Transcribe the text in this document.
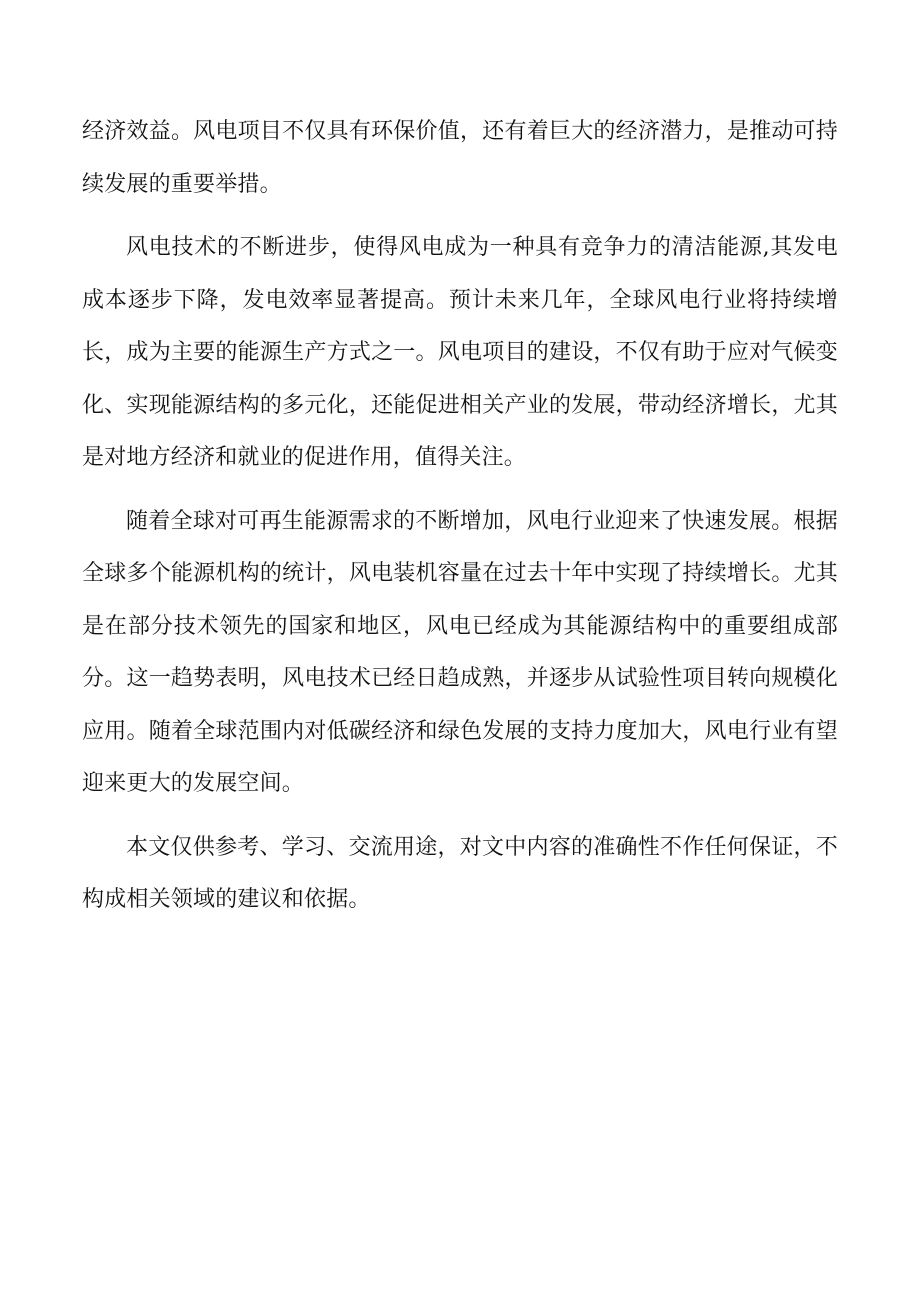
经济效益。风电项目不仅具有环保价值，还有着巨大的经济潜力，是推动可持续发展的重要举措。

风电技术的不断进步，使得风电成为一种具有竞争力的清洁能源,其发电成本逐步下降，发电效率显著提高。预计未来几年，全球风电行业将持续增长，成为主要的能源生产方式之一。风电项目的建设，不仅有助于应对气候变化、实现能源结构的多元化，还能促进相关产业的发展，带动经济增长，尤其是对地方经济和就业的促进作用，值得关注。

随着全球对可再生能源需求的不断增加，风电行业迎来了快速发展。根据全球多个能源机构的统计，风电装机容量在过去十年中实现了持续增长。尤其是在部分技术领先的国家和地区，风电已经成为其能源结构中的重要组成部分。这一趋势表明，风电技术已经日趋成熟，并逐步从试验性项目转向规模化应用。随着全球范围内对低碳经济和绿色发展的支持力度加大，风电行业有望迎来更大的发展空间。

本文仅供参考、学习、交流用途，对文中内容的准确性不作任何保证，不构成相关领域的建议和依据。
